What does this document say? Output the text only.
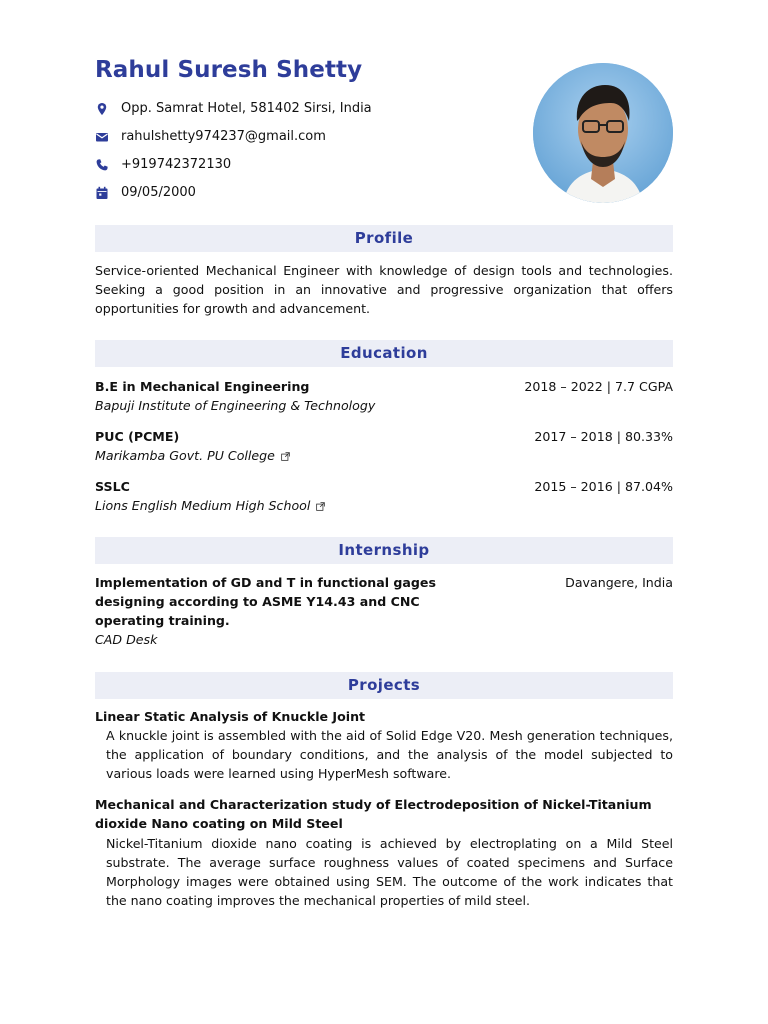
Rahul Suresh Shetty
Opp. Samrat Hotel, 581402 Sirsi, India
rahulshetty974237@gmail.com
+919742372130
09/05/2000
Profile

Service-oriented Mechanical Engineer with knowledge of design tools and technologies. Seeking a good position in an innovative and progressive organization that offers opportunities for growth and advancement.

Education
B.E in Mechanical Engineering	2018 – 2022 | 7.7 CGPA
Bapuji Institute of Engineering & Technology
PUC (PCME)	2017 – 2018 | 80.33%
Marikamba Govt. PU College
SSLC	2015 – 2016 | 87.04%
Lions English Medium High School
Internship
Implementation of GD and T in functional gages
designing according to ASME Y14.43 and CNC
operating training.
Davangere, India
CAD Desk
Projects
Linear Static Analysis of Knuckle Joint

A knuckle joint is assembled with the aid of Solid Edge V20. Mesh generation techniques, the application of boundary conditions, and the analysis of the model subjected to various loads were learned using HyperMesh software.

Mechanical and Characterization study of Electrodeposition of Nickel-Titanium dioxide Nano coating on Mild Steel

Nickel-Titanium dioxide nano coating is achieved by electroplating on a Mild Steel substrate. The average surface roughness values of coated specimens and Surface Morphology images were obtained using SEM. The outcome of the work indicates that the nano coating improves the mechanical properties of mild steel.
